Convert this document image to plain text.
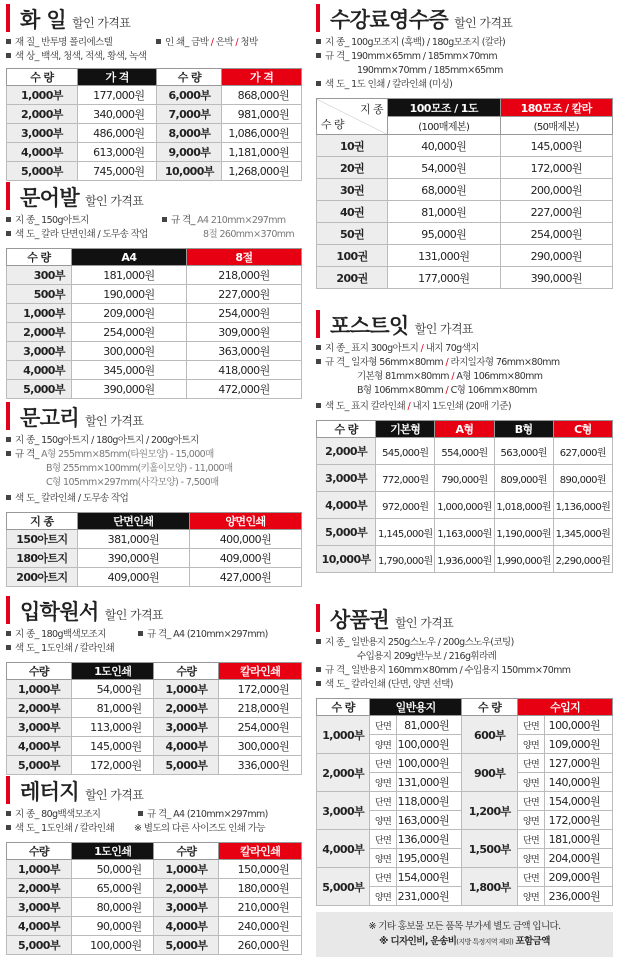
화 일 할인 가격표
재 질_ 반투명 폴리에스텔	인 쇄_ 금박 / 은박 / 청박
색 상_ 백색, 청색, 적색, 황색, 녹색
수 량	가 격	수 량	가 격
1,000부	177,000원	6,000부	868,000원
2,000부	340,000원	7,000부	981,000원
3,000부	486,000원	8,000부	1,086,000원
4,000부	613,000원	9,000부	1,181,000원
5,000부	745,000원	10,000부	1,268,000원
문어발 할인 가격표
지 종_ 150g아트지	규 격_ A4 210mm×297mm
색 도_ 칼라 단면인쇄 / 도무송 작업	8절 260mm×370mm
수 량	A4	8절
300부	181,000원	218,000원
500부	190,000원	227,000원
1,000부	209,000원	254,000원
2,000부	254,000원	309,000원
3,000부	300,000원	363,000원
4,000부	345,000원	418,000원
5,000부	390,000원	472,000원
문고리 할인 가격표
지 종_ 150g아트지 / 180g아트지 / 200g아트지
규 격_ A형 255mm×85mm(타원모양) - 15,000매
B형 255mm×100mm(키홀이모양) - 11,000매
C형 105mm×297mm(사각모양) - 7,500매
색 도_ 칼라인쇄 / 도무송 작업
지 종	단면인쇄	양면인쇄
150아트지	381,000원	400,000원
180아트지	390,000원	409,000원
200아트지	409,000원	427,000원
입학원서 할인 가격표
지 종_ 180g백색모조지	규 격_ A4 (210mm×297mm)
색 도_ 1도인쇄 / 칼라인쇄
수량	1도인쇄	수량	칼라인쇄
1,000부	54,000원	1,000부	172,000원
2,000부	81,000원	2,000부	218,000원
3,000부	113,000원	3,000부	254,000원
4,000부	145,000원	4,000부	300,000원
5,000부	172,000원	5,000부	336,000원
레터지 할인 가격표
지 종_ 80g백색모조지	규 격_ A4 (210mm×297mm)
색 도_ 1도인쇄 / 칼라인쇄 ※ 별도의 다른 사이즈도 인쇄 가능
수량	1도인쇄	수량	칼라인쇄
1,000부	50,000원	1,000부	150,000원
2,000부	65,000원	2,000부	180,000원
3,000부	80,000원	3,000부	210,000원
4,000부	90,000원	4,000부	240,000원
5,000부	100,000원	5,000부	260,000원
수강료영수증 할인 가격표
지 종_ 100g모조지 (흑백) / 180g모조지 (칼라)
규 격_ 190mm×65mm / 185mm×70mm
190mm×70mm / 185mm×65mm
색 도_ 1도 인쇄 / 칼라인쇄 (미싱)
지 종
수 량	100모조 / 1도	180모조 / 칼라
	(100매제본)	(50매제본)
10권	40,000원	145,000원
20권	54,000원	172,000원
30권	68,000원	200,000원
40권	81,000원	227,000원
50권	95,000원	254,000원
100권	131,000원	290,000원
200권	177,000원	390,000원
포스트잇 할인 가격표
지 종_ 표지 300g아트지 / 내지 70g색지
규 격_ 일자형 56mm×80mm / 라지일자형 76mm×80mm
기본형 81mm×80mm / A형 106mm×80mm
B형 106mm×80mm / C형 106mm×80mm
색 도_ 표지 칼라인쇄 / 내지 1도인쇄 (20매 기준)
수 량	기본형	A형	B형	C형
2,000부	545,000원	554,000원	563,000원	627,000원
3,000부	772,000원	790,000원	809,000원	890,000원
4,000부	972,000원	1,000,000원	1,018,000원	1,136,000원
5,000부	1,145,000원	1,163,000원	1,190,000원	1,345,000원
10,000부	1,790,000원	1,936,000원	1,990,000원	2,290,000원
상품권 할인 가격표
지 종_ 일반용지 250g스노우 / 200g스노우(코팅)
수입용지 209g반누보 / 216g휘라레
규 격_ 일반용지 160mm×80mm / 수입용지 150mm×70mm
색 도_ 칼라인쇄 (단면, 양면 선택)
수 량	일반용지		수 량	수입지	
1,000부	단면	81,000원	600부	단면	100,000원
	양면	100,000원		양면	109,000원
2,000부	단면	100,000원	900부	단면	127,000원
	양면	131,000원		양면	140,000원
3,000부	단면	118,000원	1,200부	단면	154,000원
	양면	163,000원		양면	172,000원
4,000부	단면	136,000원	1,500부	단면	181,000원
	양면	195,000원		양면	204,000원
5,000부	단면	154,000원	1,800부	단면	209,000원
	양면	231,000원		양면	236,000원
※ 기타 홍보물 모든 품목 부가세 별도 금액 입니다.
※ 디자인비, 운송비(지방 특정지역 제외) 포함금액
